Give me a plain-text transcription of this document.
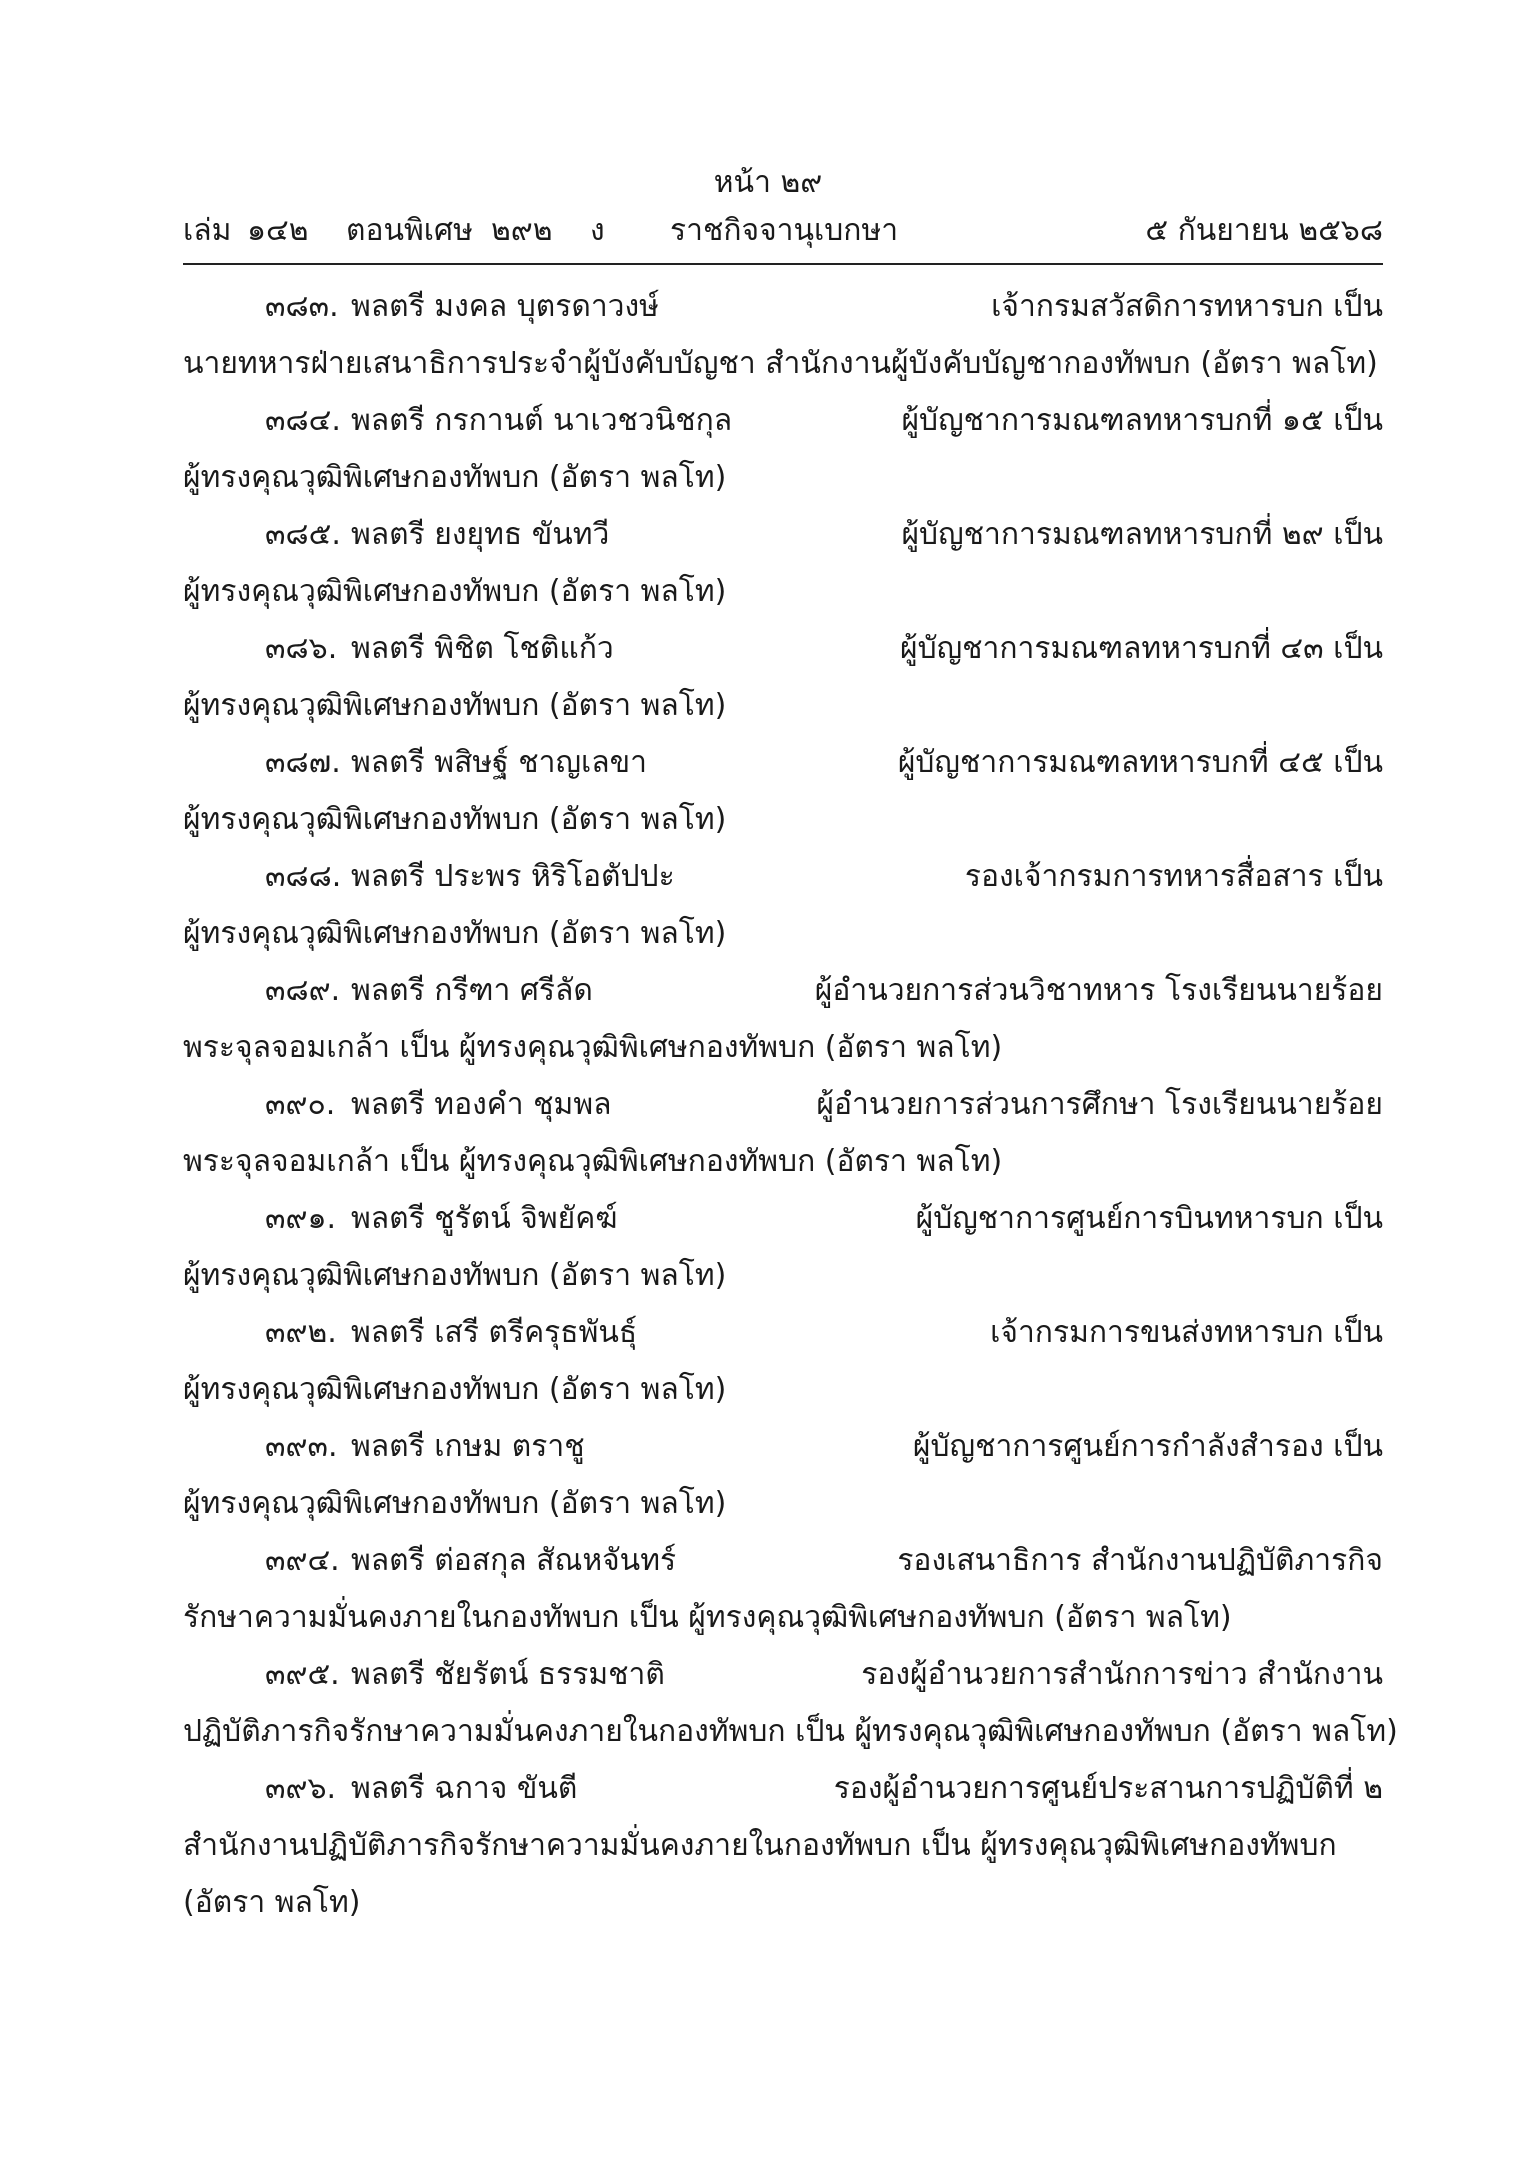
หน้า ๒๙
เล่ม ๑๔๒ ตอนพิเศษ ๒๙๒ ง ราชกิจจานุเบกษา	๕ กันยายน ๒๕๖๘
๓๘๓. พลตรี มงคล บุตรดาวงษ์	เจ้ากรมสวัสดิการทหารบก เป็น
นายทหารฝ่ายเสนาธิการประจำผู้บังคับบัญชา สำนักงานผู้บังคับบัญชากองทัพบก (อัตรา พลโท)
๓๘๔. พลตรี กรกานต์ นาเวชวนิชกุล	ผู้บัญชาการมณฑลทหารบกที่ ๑๕ เป็น
ผู้ทรงคุณวุฒิพิเศษกองทัพบก (อัตรา พลโท)
๓๘๕. พลตรี ยงยุทธ ขันทวี	ผู้บัญชาการมณฑลทหารบกที่ ๒๙ เป็น
ผู้ทรงคุณวุฒิพิเศษกองทัพบก (อัตรา พลโท)
๓๘๖. พลตรี พิชิต โชติแก้ว	ผู้บัญชาการมณฑลทหารบกที่ ๔๓ เป็น
ผู้ทรงคุณวุฒิพิเศษกองทัพบก (อัตรา พลโท)
๓๘๗. พลตรี พสิษฐ์ ชาญเลขา	ผู้บัญชาการมณฑลทหารบกที่ ๔๕ เป็น
ผู้ทรงคุณวุฒิพิเศษกองทัพบก (อัตรา พลโท)
๓๘๘. พลตรี ประพร หิริโอตัปปะ	รองเจ้ากรมการทหารสื่อสาร เป็น
ผู้ทรงคุณวุฒิพิเศษกองทัพบก (อัตรา พลโท)
๓๘๙. พลตรี กรีฑา ศรีลัด	ผู้อำนวยการส่วนวิชาทหาร โรงเรียนนายร้อย
พระจุลจอมเกล้า เป็น ผู้ทรงคุณวุฒิพิเศษกองทัพบก (อัตรา พลโท)
๓๙๐. พลตรี ทองคำ ชุมพล	ผู้อำนวยการส่วนการศึกษา โรงเรียนนายร้อย
พระจุลจอมเกล้า เป็น ผู้ทรงคุณวุฒิพิเศษกองทัพบก (อัตรา พลโท)
๓๙๑. พลตรี ชูรัตน์ จิพยัคฆ์	ผู้บัญชาการศูนย์การบินทหารบก เป็น
ผู้ทรงคุณวุฒิพิเศษกองทัพบก (อัตรา พลโท)
๓๙๒. พลตรี เสรี ตรีครุธพันธุ์	เจ้ากรมการขนส่งทหารบก เป็น
ผู้ทรงคุณวุฒิพิเศษกองทัพบก (อัตรา พลโท)
๓๙๓. พลตรี เกษม ตราชู	ผู้บัญชาการศูนย์การกำลังสำรอง เป็น
ผู้ทรงคุณวุฒิพิเศษกองทัพบก (อัตรา พลโท)
๓๙๔. พลตรี ต่อสกุล สัณหจันทร์	รองเสนาธิการ สำนักงานปฏิบัติภารกิจ
รักษาความมั่นคงภายในกองทัพบก เป็น ผู้ทรงคุณวุฒิพิเศษกองทัพบก (อัตรา พลโท)
๓๙๕. พลตรี ชัยรัตน์ ธรรมชาติ	รองผู้อำนวยการสำนักการข่าว สำนักงาน
ปฏิบัติภารกิจรักษาความมั่นคงภายในกองทัพบก เป็น ผู้ทรงคุณวุฒิพิเศษกองทัพบก (อัตรา พลโท)
๓๙๖. พลตรี ฉกาจ ขันตี	รองผู้อำนวยการศูนย์ประสานการปฏิบัติที่ ๒
สำนักงานปฏิบัติภารกิจรักษาความมั่นคงภายในกองทัพบก เป็น ผู้ทรงคุณวุฒิพิเศษกองทัพบก
(อัตรา พลโท)
